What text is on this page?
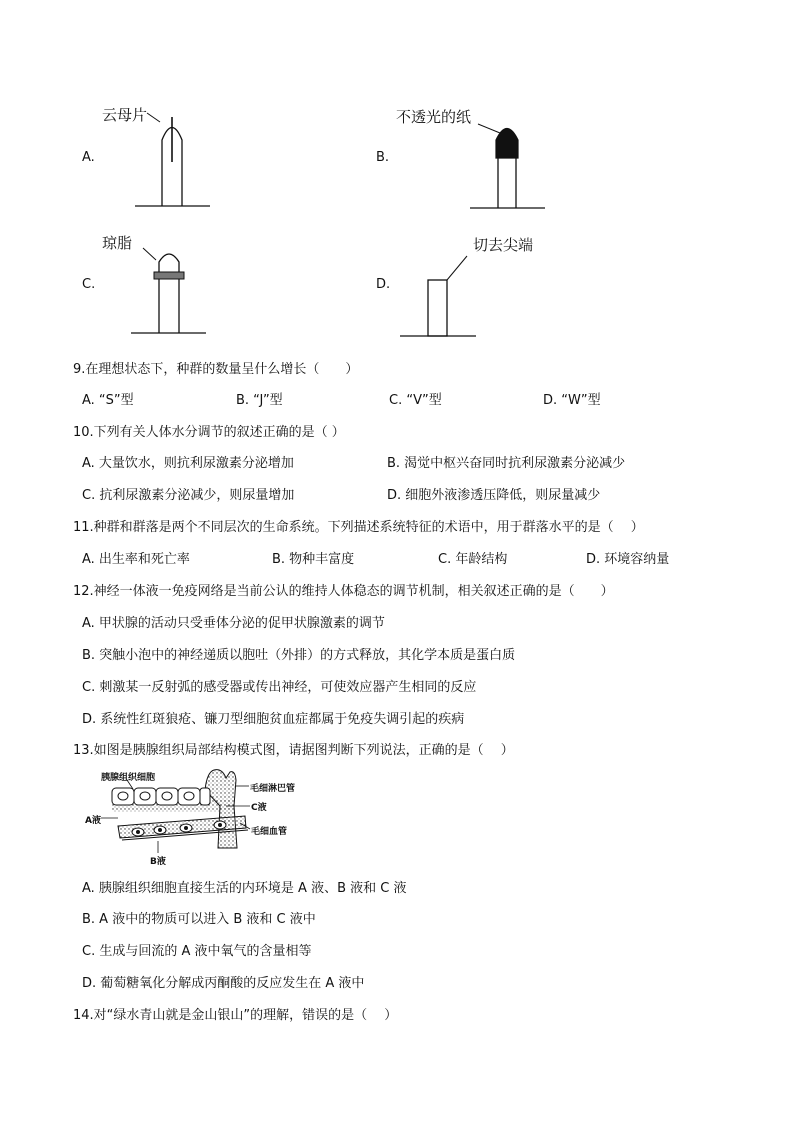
A.
云母片
B.
不透光的纸
C.
琼脂
D.
切去尖端
9.在理想状态下，种群的数量呈什么增长（　　）
A. “S”型	B. “J”型	C. “V”型	D. “W”型
10.下列有关人体水分调节的叙述正确的是（ ）
A. 大量饮水，则抗利尿激素分泌增加	B. 渴觉中枢兴奋同时抗利尿激素分泌减少
C. 抗利尿激素分泌减少，则尿量增加	D. 细胞外液渗透压降低，则尿量减少
11.种群和群落是两个不同层次的生命系统。下列描述系统特征的术语中，用于群落水平的是（　 ）
A. 出生率和死亡率	B. 物种丰富度	C. 年龄结构	D. 环境容纳量
12.神经一体液一免疫网络是当前公认的维持人体稳态的调节机制，相关叙述正确的是（　　）
A. 甲状腺的活动只受垂体分泌的促甲状腺激素的调节
B. 突触小泡中的神经递质以胞吐（外排）的方式释放，其化学本质是蛋白质
C. 刺激某一反射弧的感受器或传出神经，可使效应器产生相同的反应
D. 系统性红斑狼疮、镰刀型细胞贫血症都属于免疫失调引起的疾病
13.如图是胰腺组织局部结构模式图，请据图判断下列说法，正确的是（　 ）
胰腺组织细胞
毛细淋巴管
C液
A液
毛细血管
B液
A. 胰腺组织细胞直接生活的内环境是 A 液、B 液和 C 液
B. A 液中的物质可以进入 B 液和 C 液中
C. 生成与回流的 A 液中氧气的含量相等
D. 葡萄糖氧化分解成丙酮酸的反应发生在 A 液中
14.对“绿水青山就是金山银山”的理解，错误的是（　 ）
